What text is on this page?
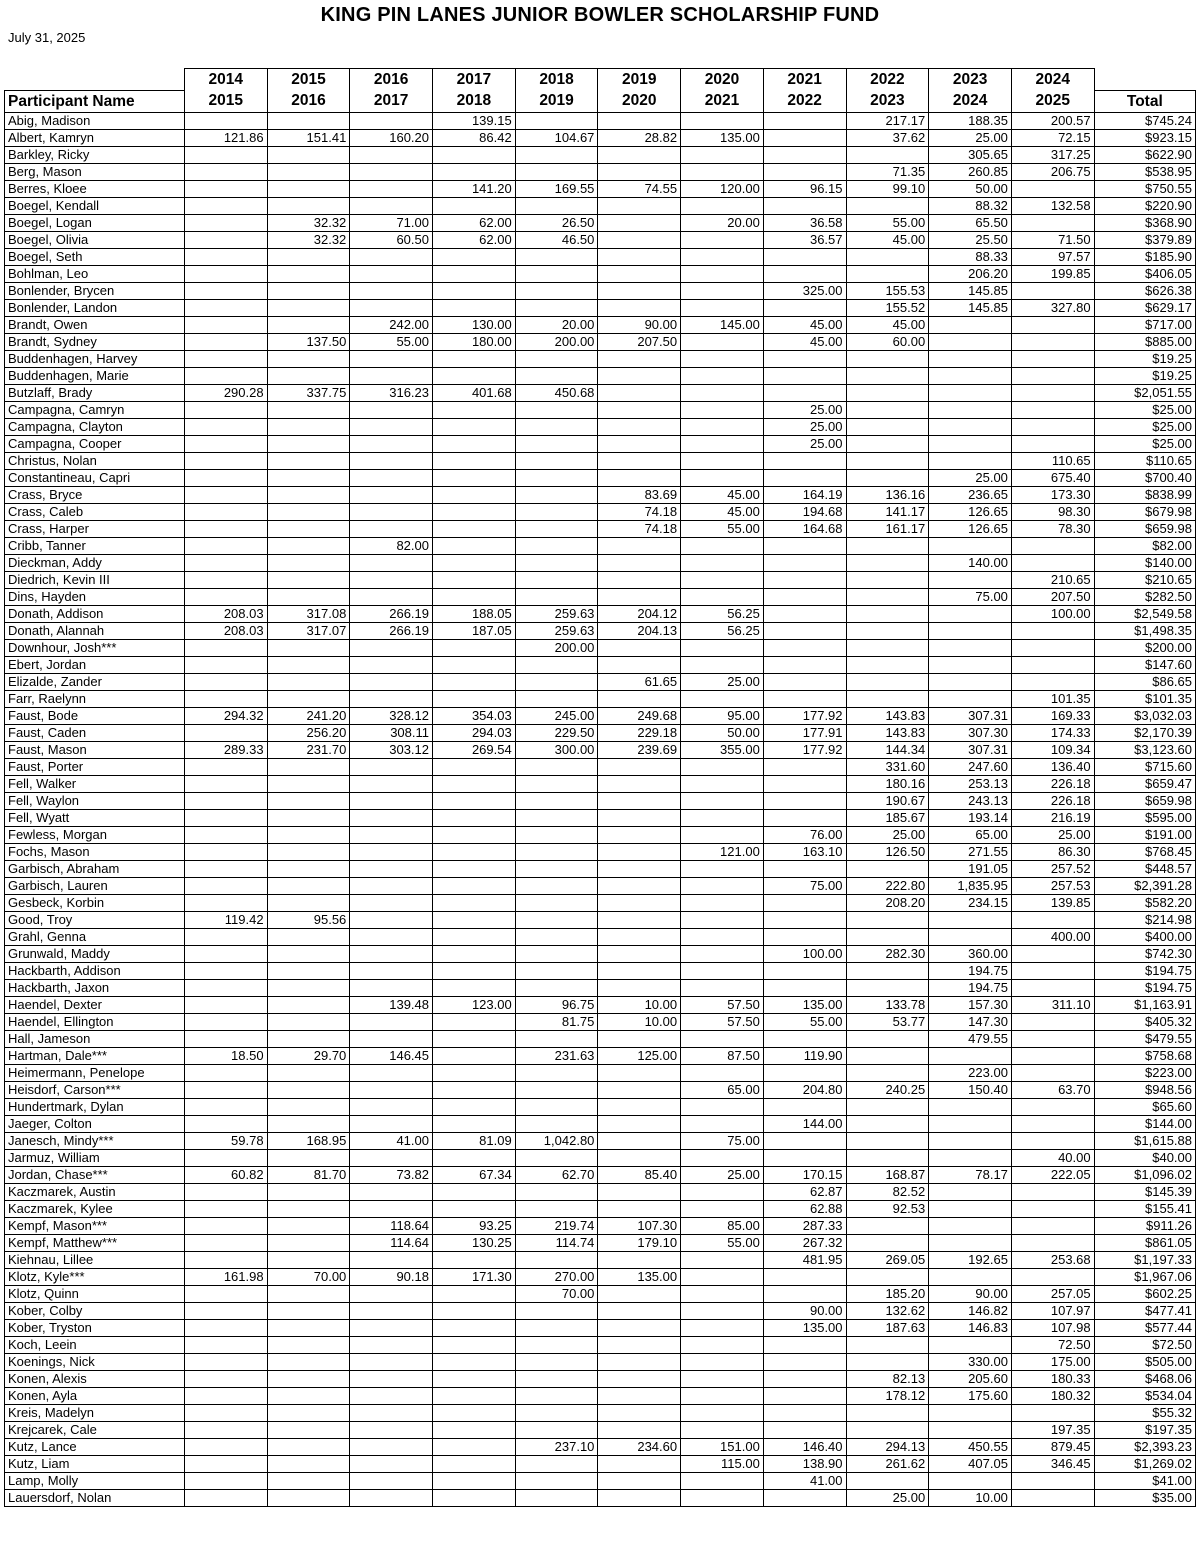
KING PIN LANES JUNIOR BOWLER SCHOLARSHIP FUND
July 31, 2025
	2014	2015	2016	2017	2018	2019	2020	2021	2022	2023	2024	
Participant Name	2015	2016	2017	2018	2019	2020	2021	2022	2023	2024	2025	Total
Abig, Madison				139.15					217.17	188.35	200.57	$745.24
Albert, Kamryn	121.86	151.41	160.20	86.42	104.67	28.82	135.00		37.62	25.00	72.15	$923.15
Barkley, Ricky										305.65	317.25	$622.90
Berg, Mason									71.35	260.85	206.75	$538.95
Berres, Kloee				141.20	169.55	74.55	120.00	96.15	99.10	50.00		$750.55
Boegel, Kendall										88.32	132.58	$220.90
Boegel, Logan		32.32	71.00	62.00	26.50		20.00	36.58	55.00	65.50		$368.90
Boegel, Olivia		32.32	60.50	62.00	46.50			36.57	45.00	25.50	71.50	$379.89
Boegel, Seth										88.33	97.57	$185.90
Bohlman, Leo										206.20	199.85	$406.05
Bonlender, Brycen								325.00	155.53	145.85		$626.38
Bonlender, Landon									155.52	145.85	327.80	$629.17
Brandt, Owen			242.00	130.00	20.00	90.00	145.00	45.00	45.00			$717.00
Brandt, Sydney		137.50	55.00	180.00	200.00	207.50		45.00	60.00			$885.00
Buddenhagen, Harvey												$19.25
Buddenhagen, Marie												$19.25
Butzlaff, Brady	290.28	337.75	316.23	401.68	450.68							$2,051.55
Campagna, Camryn								25.00				$25.00
Campagna, Clayton								25.00				$25.00
Campagna, Cooper								25.00				$25.00
Christus, Nolan											110.65	$110.65
Constantineau, Capri										25.00	675.40	$700.40
Crass, Bryce						83.69	45.00	164.19	136.16	236.65	173.30	$838.99
Crass, Caleb						74.18	45.00	194.68	141.17	126.65	98.30	$679.98
Crass, Harper						74.18	55.00	164.68	161.17	126.65	78.30	$659.98
Cribb, Tanner			82.00									$82.00
Dieckman, Addy										140.00		$140.00
Diedrich, Kevin III											210.65	$210.65
Dins, Hayden										75.00	207.50	$282.50
Donath, Addison	208.03	317.08	266.19	188.05	259.63	204.12	56.25				100.00	$2,549.58
Donath, Alannah	208.03	317.07	266.19	187.05	259.63	204.13	56.25					$1,498.35
Downhour, Josh***					200.00							$200.00
Ebert, Jordan												$147.60
Elizalde, Zander						61.65	25.00					$86.65
Farr, Raelynn											101.35	$101.35
Faust, Bode	294.32	241.20	328.12	354.03	245.00	249.68	95.00	177.92	143.83	307.31	169.33	$3,032.03
Faust, Caden		256.20	308.11	294.03	229.50	229.18	50.00	177.91	143.83	307.30	174.33	$2,170.39
Faust, Mason	289.33	231.70	303.12	269.54	300.00	239.69	355.00	177.92	144.34	307.31	109.34	$3,123.60
Faust, Porter									331.60	247.60	136.40	$715.60
Fell, Walker									180.16	253.13	226.18	$659.47
Fell, Waylon									190.67	243.13	226.18	$659.98
Fell, Wyatt									185.67	193.14	216.19	$595.00
Fewless, Morgan								76.00	25.00	65.00	25.00	$191.00
Fochs, Mason							121.00	163.10	126.50	271.55	86.30	$768.45
Garbisch, Abraham										191.05	257.52	$448.57
Garbisch, Lauren								75.00	222.80	1,835.95	257.53	$2,391.28
Gesbeck, Korbin									208.20	234.15	139.85	$582.20
Good, Troy	119.42	95.56										$214.98
Grahl, Genna											400.00	$400.00
Grunwald, Maddy								100.00	282.30	360.00		$742.30
Hackbarth, Addison										194.75		$194.75
Hackbarth, Jaxon										194.75		$194.75
Haendel, Dexter			139.48	123.00	96.75	10.00	57.50	135.00	133.78	157.30	311.10	$1,163.91
Haendel, Ellington					81.75	10.00	57.50	55.00	53.77	147.30		$405.32
Hall, Jameson										479.55		$479.55
Hartman, Dale***	18.50	29.70	146.45		231.63	125.00	87.50	119.90				$758.68
Heimermann, Penelope										223.00		$223.00
Heisdorf, Carson***							65.00	204.80	240.25	150.40	63.70	$948.56
Hundertmark, Dylan												$65.60
Jaeger, Colton								144.00				$144.00
Janesch, Mindy***	59.78	168.95	41.00	81.09	1,042.80		75.00					$1,615.88
Jarmuz, William											40.00	$40.00
Jordan, Chase***	60.82	81.70	73.82	67.34	62.70	85.40	25.00	170.15	168.87	78.17	222.05	$1,096.02
Kaczmarek, Austin								62.87	82.52			$145.39
Kaczmarek, Kylee								62.88	92.53			$155.41
Kempf, Mason***			118.64	93.25	219.74	107.30	85.00	287.33				$911.26
Kempf, Matthew***			114.64	130.25	114.74	179.10	55.00	267.32				$861.05
Kiehnau, Lillee								481.95	269.05	192.65	253.68	$1,197.33
Klotz, Kyle***	161.98	70.00	90.18	171.30	270.00	135.00						$1,967.06
Klotz, Quinn					70.00				185.20	90.00	257.05	$602.25
Kober, Colby								90.00	132.62	146.82	107.97	$477.41
Kober, Tryston								135.00	187.63	146.83	107.98	$577.44
Koch, Leein											72.50	$72.50
Koenings, Nick										330.00	175.00	$505.00
Konen, Alexis									82.13	205.60	180.33	$468.06
Konen, Ayla									178.12	175.60	180.32	$534.04
Kreis, Madelyn												$55.32
Krejcarek, Cale											197.35	$197.35
Kutz, Lance					237.10	234.60	151.00	146.40	294.13	450.55	879.45	$2,393.23
Kutz, Liam							115.00	138.90	261.62	407.05	346.45	$1,269.02
Lamp, Molly								41.00				$41.00
Lauersdorf, Nolan									25.00	10.00		$35.00
